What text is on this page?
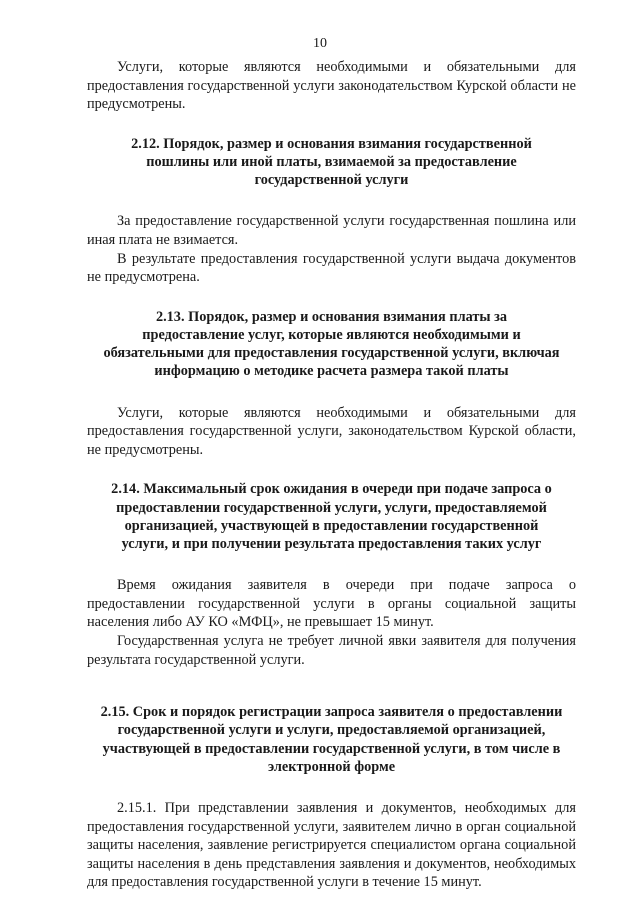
10

Услуги, которые являются необходимыми и обязательными для предоставления государственной услуги законодательством Курской области не предусмотрены.

2.12. Порядок, размер и основания взимания государственной
пошлины или иной платы, взимаемой за предоставление
государственной услуги

За предоставление государственной услуги государственная пошлина или иная плата не взимается.

В результате предоставления государственной услуги выдача документов не предусмотрена.

2.13. Порядок, размер и основания взимания платы за
предоставление услуг, которые являются необходимыми и
обязательными для предоставления государственной услуги, включая
информацию о методике расчета размера такой платы

Услуги, которые являются необходимыми и обязательными для предоставления государственной услуги, законодательством Курской области, не предусмотрены.

2.14. Максимальный срок ожидания в очереди при подаче запроса о
предоставлении государственной услуги, услуги, предоставляемой
организацией, участвующей в предоставлении государственной
услуги, и при получении результата предоставления таких услуг

Время ожидания заявителя в очереди при подаче запроса о предоставлении государственной услуги в органы социальной защиты населения либо АУ КО «МФЦ», не превышает 15 минут.

Государственная услуга не требует личной явки заявителя для получения результата государственной услуги.

2.15. Срок и порядок регистрации запроса заявителя о предоставлении
государственной услуги и услуги, предоставляемой организацией,
участвующей в предоставлении государственной услуги, в том числе в
электронной форме

2.15.1. При представлении заявления и документов, необходимых для предоставления государственной услуги, заявителем лично в орган социальной защиты населения, заявление регистрируется специалистом органа социальной защиты населения в день представления заявления и документов, необходимых для предоставления государственной услуги в течение 15 минут.
